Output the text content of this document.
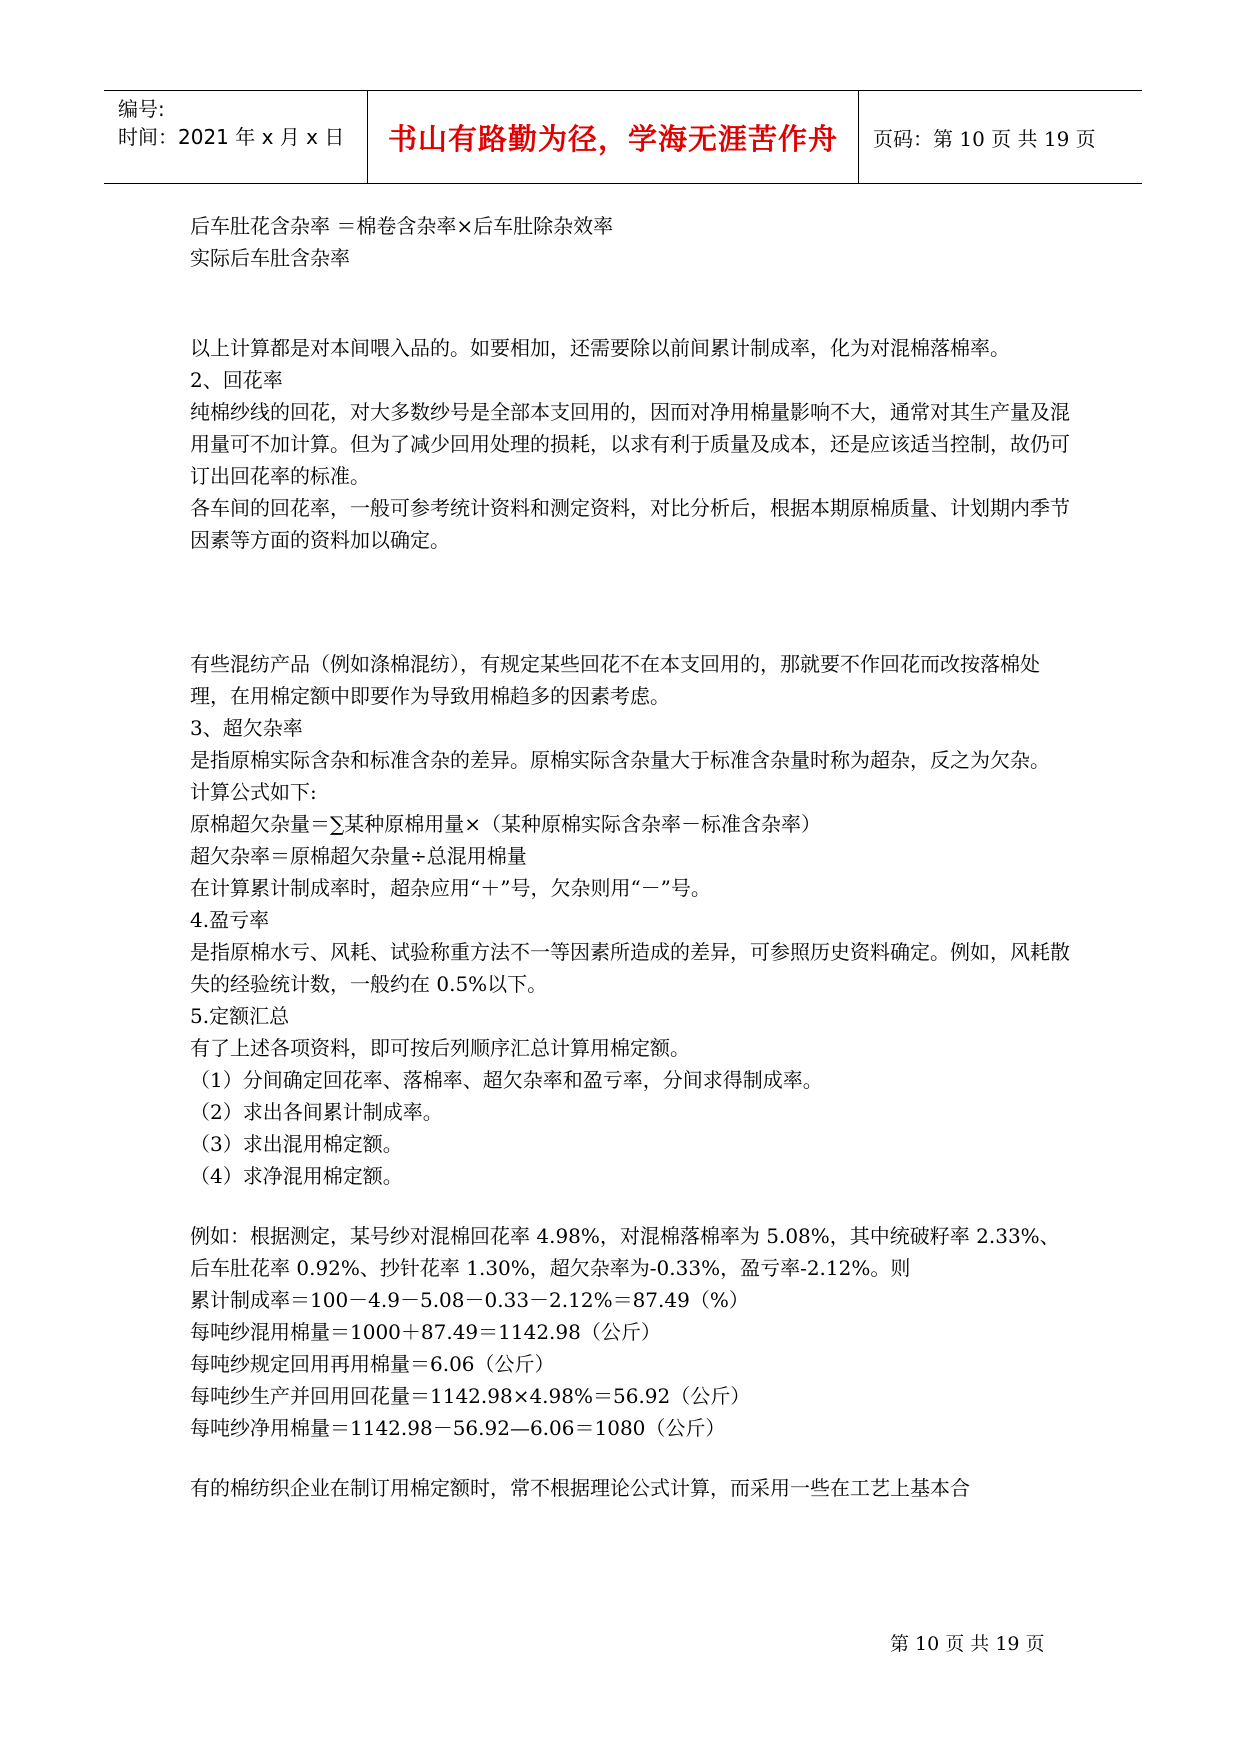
编号:
时间：2021 年 x 月 x 日	书山有路勤为径，学海无涯苦作舟	页码：第 10 页 共 19 页

后车肚花含杂率 ＝棉卷含杂率×后车肚除杂效率

实际后车肚含杂率

以上计算都是对本间喂入品的。如要相加，还需要除以前间累计制成率，化为对混棉落棉率。

2、回花率

纯棉纱线的回花，对大多数纱号是全部本支回用的，因而对净用棉量影响不大，通常对其生产量及混用量可不加计算。但为了减少回用处理的损耗，以求有利于质量及成本，还是应该适当控制，故仍可订出回花率的标准。

各车间的回花率，一般可参考统计资料和测定资料，对比分析后，根据本期原棉质量、计划期内季节因素等方面的资料加以确定。

有些混纺产品（例如涤棉混纺），有规定某些回花不在本支回用的，那就要不作回花而改按落棉处理，在用棉定额中即要作为导致用棉趋多的因素考虑。

3、超欠杂率

是指原棉实际含杂和标准含杂的差异。原棉实际含杂量大于标准含杂量时称为超杂，反之为欠杂。

计算公式如下:

原棉超欠杂量＝∑某种原棉用量×（某种原棉实际含杂率－标准含杂率）

超欠杂率＝原棉超欠杂量÷总混用棉量

在计算累计制成率时，超杂应用“＋”号，欠杂则用“－”号。

4.盈亏率

是指原棉水亏、风耗、试验称重方法不一等因素所造成的差异，可参照历史资料确定。例如，风耗散失的经验统计数，一般约在 0.5%以下。

5.定额汇总

有了上述各项资料，即可按后列顺序汇总计算用棉定额。

（1）分间确定回花率、落棉率、超欠杂率和盈亏率，分间求得制成率。

（2）求出各间累计制成率。

（3）求出混用棉定额。

（4）求净混用棉定额。

例如：根据测定，某号纱对混棉回花率 4.98%，对混棉落棉率为 5.08%，其中统破籽率 2.33%、后车肚花率 0.92%、抄针花率 1.30%，超欠杂率为-0.33%，盈亏率-2.12%。则

累计制成率＝100－4.9－5.08－0.33－2.12%＝87.49（%）

每吨纱混用棉量＝1000＋87.49＝1142.98（公斤）

每吨纱规定回用再用棉量＝6.06（公斤）

每吨纱生产并回用回花量＝1142.98×4.98%＝56.92（公斤）

每吨纱净用棉量＝1142.98－56.92—6.06＝1080（公斤）

有的棉纺织企业在制订用棉定额时，常不根据理论公式计算，而采用一些在工艺上基本合

第 10 页 共 19 页
